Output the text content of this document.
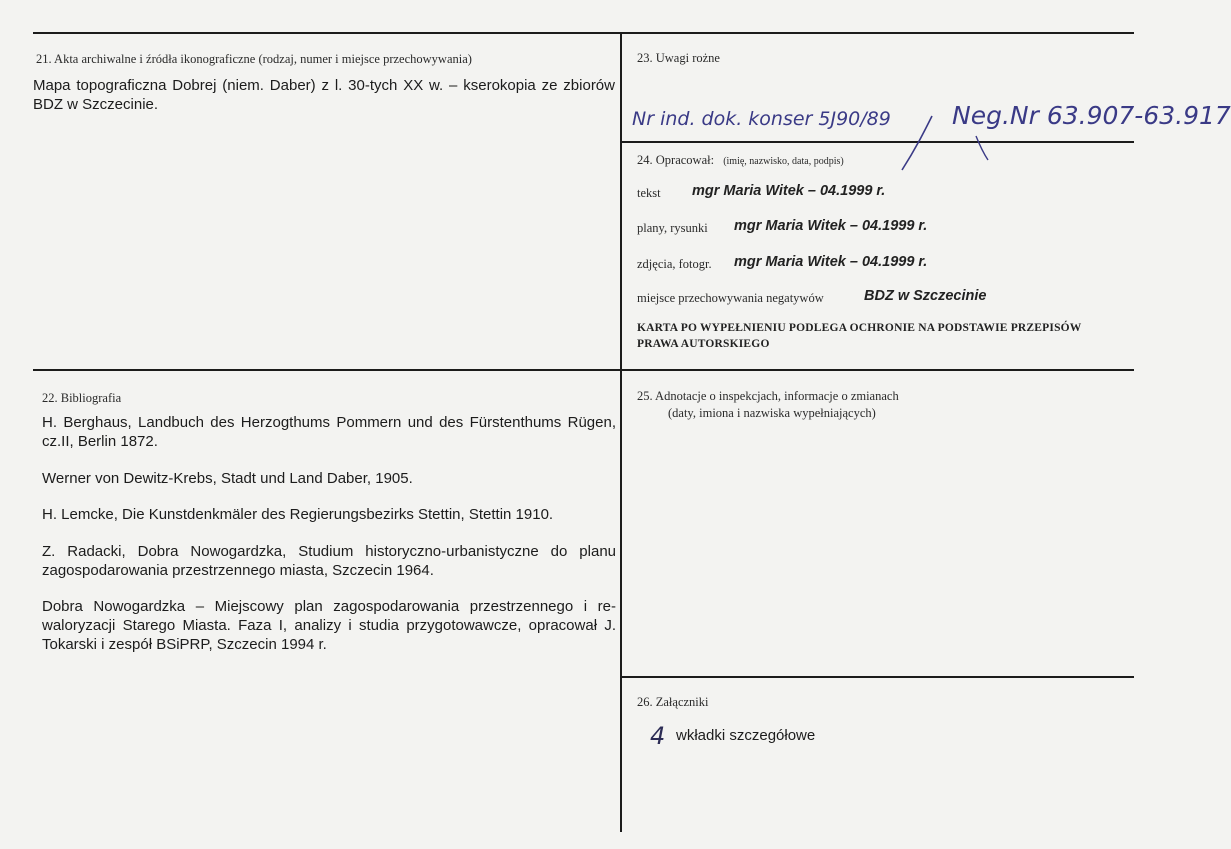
21. Akta archiwalne i źródła ikonograficzne (rodzaj, numer i miejsce przechowywania)
Mapa topograficzna Dobrej (niem. Daber) z l. 30-tych XX w. – kserokopia ze zbiorów BDZ w Szczecinie.
22. Bibliografia
H. Berghaus, Landbuch des Herzogthums Pommern und des Fürstenthums Rügen, cz.II, Berlin 1872.
Werner von Dewitz-Krebs, Stadt und Land Daber, 1905.
H. Lemcke, Die Kunstdenkmäler des Regierungsbezirks Stettin, Stettin 1910.
Z. Radacki, Dobra Nowogardzka, Studium historyczno-urbanistyczne do planu zagospodarowania przestrzennego miasta, Szczecin 1964.
Dobra Nowogardzka – Miejscowy plan zagospodarowania przestrzennego i re-waloryzacji Starego Miasta. Faza I, analizy i studia przygotowawcze, opracował J. Tokarski i zespół BSiPRP, Szczecin 1994 r.
23. Uwagi rożne
Nr ind. dok. konser 5J90/89 Neg.Nr 63.907-63.917
24. Opracował: (imię, nazwisko, data, podpis)
tekst mgr Maria Witek – 04.1999 r.
plany, rysunki mgr Maria Witek – 04.1999 r.
zdjęcia, fotogr. mgr Maria Witek – 04.1999 r.
miejsce przechowywania negatywów	BDZ w Szczecinie
KARTA PO WYPEŁNIENIU PODLEGA OCHRONIE NA PODSTAWIE PRZEPISÓW
PRAWA AUTORSKIEGO
25. Adnotacje o inspekcjach, informacje o zmianach
(daty, imiona i nazwiska wypełniających)
26. Załączniki
4 wkładki szczegółowe
